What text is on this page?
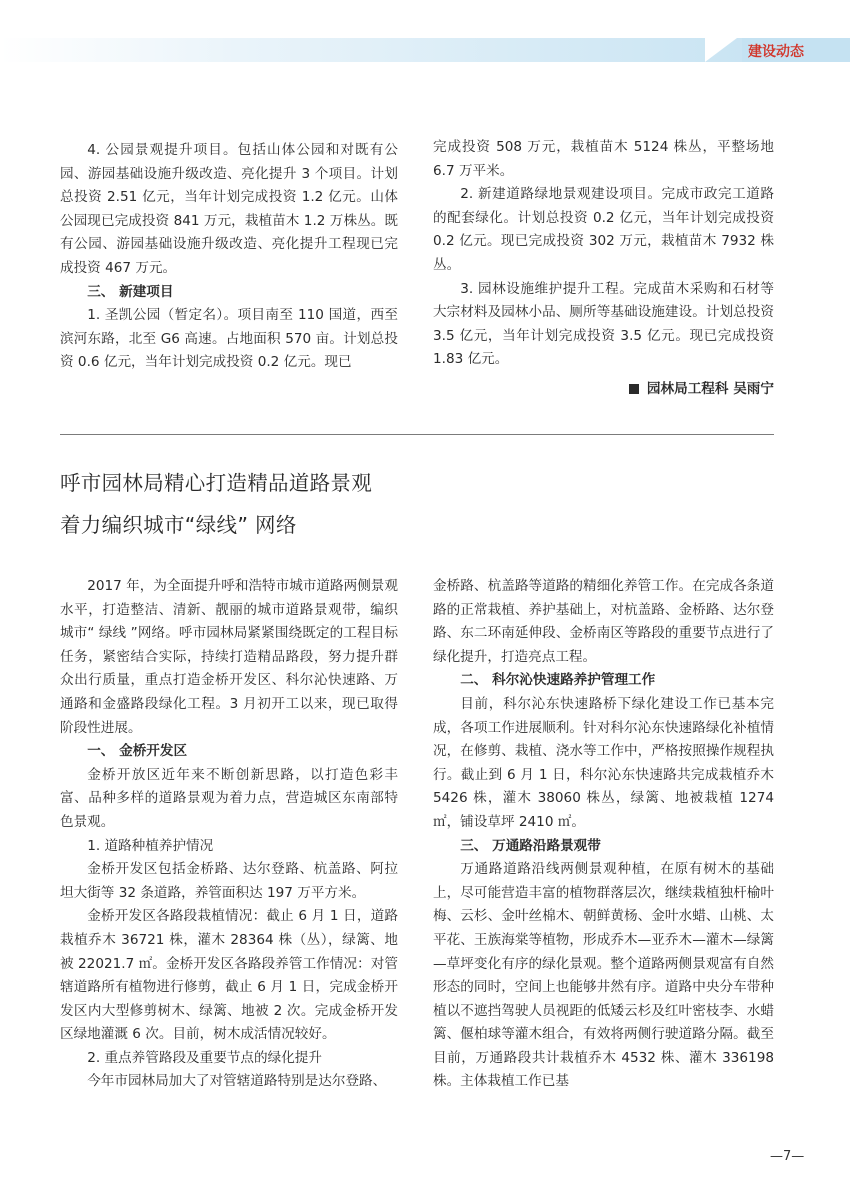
建设动态

4. 公园景观提升项目。包括山体公园和对既有公园、游园基础设施升级改造、亮化提升 3 个项目。计划总投资 2.51 亿元，当年计划完成投资 1.2 亿元。山体公园现已完成投资 841 万元，栽植苗木 1.2 万株丛。既有公园、游园基础设施升级改造、亮化提升工程现已完成投资 467 万元。

三、 新建项目

1. 圣凯公园（暂定名）。项目南至 110 国道，西至滨河东路，北至 G6 高速。占地面积 570 亩。计划总投资 0.6 亿元，当年计划完成投资 0.2 亿元。现已

完成投资 508 万元，栽植苗木 5124 株丛，平整场地 6.7 万平米。

2. 新建道路绿地景观建设项目。完成市政完工道路的配套绿化。计划总投资 0.2 亿元，当年计划完成投资 0.2 亿元。现已完成投资 302 万元，栽植苗木 7932 株丛。

3. 园林设施维护提升工程。完成苗木采购和石材等大宗材料及园林小品、厕所等基础设施建设。计划总投资 3.5 亿元，当年计划完成投资 3.5 亿元。现已完成投资 1.83 亿元。

园林局工程科 吴雨宁

呼市园林局精心打造精品道路景观
着力编织城市“绿线” 网络

2017 年，为全面提升呼和浩特市城市道路两侧景观水平，打造整洁、清新、靓丽的城市道路景观带，编织城市“ 绿线 ”网络。呼市园林局紧紧围绕既定的工程目标任务，紧密结合实际，持续打造精品路段，努力提升群众出行质量，重点打造金桥开发区、科尔沁快速路、万通路和金盛路段绿化工程。3 月初开工以来，现已取得阶段性进展。

一、 金桥开发区

金桥开放区近年来不断创新思路，以打造色彩丰富、品种多样的道路景观为着力点，营造城区东南部特色景观。

1. 道路种植养护情况

金桥开发区包括金桥路、达尔登路、杭盖路、阿拉坦大街等 32 条道路，养管面积达 197 万平方米。

金桥开发区各路段栽植情况：截止 6 月 1 日，道路栽植乔木 36721 株，灌木 28364 株（丛），绿篱、地被 22021.7 ㎡。金桥开发区各路段养管工作情况：对管辖道路所有植物进行修剪，截止 6 月 1 日，完成金桥开发区内大型修剪树木、绿篱、地被 2 次。完成金桥开发区绿地灌溉 6 次。目前，树木成活情况较好。

2. 重点养管路段及重要节点的绿化提升

今年市园林局加大了对管辖道路特别是达尔登路、

金桥路、杭盖路等道路的精细化养管工作。在完成各条道路的正常栽植、养护基础上，对杭盖路、金桥路、达尔登路、东二环南延伸段、金桥南区等路段的重要节点进行了绿化提升，打造亮点工程。

二、 科尔沁快速路养护管理工作

目前，科尔沁东快速路桥下绿化建设工作已基本完成，各项工作进展顺利。针对科尔沁东快速路绿化补植情况，在修剪、栽植、浇水等工作中，严格按照操作规程执行。截止到 6 月 1 日，科尔沁东快速路共完成栽植乔木 5426 株，灌木 38060 株丛，绿篱、地被栽植 1274 ㎡，铺设草坪 2410 ㎡。

三、 万通路沿路景观带

万通路道路沿线两侧景观种植，在原有树木的基础上，尽可能营造丰富的植物群落层次，继续栽植独杆榆叶梅、云杉、金叶丝棉木、朝鲜黄杨、金叶水蜡、山桃、太平花、王族海棠等植物，形成乔木—亚乔木—灌木—绿篱—草坪变化有序的绿化景观。整个道路两侧景观富有自然形态的同时，空间上也能够井然有序。道路中央分车带种植以不遮挡驾驶人员视距的低矮云杉及红叶密枝李、水蜡篱、偃柏球等灌木组合，有效将两侧行驶道路分隔。截至目前，万通路段共计栽植乔木 4532 株、灌木 336198 株。主体栽植工作已基

—7—
